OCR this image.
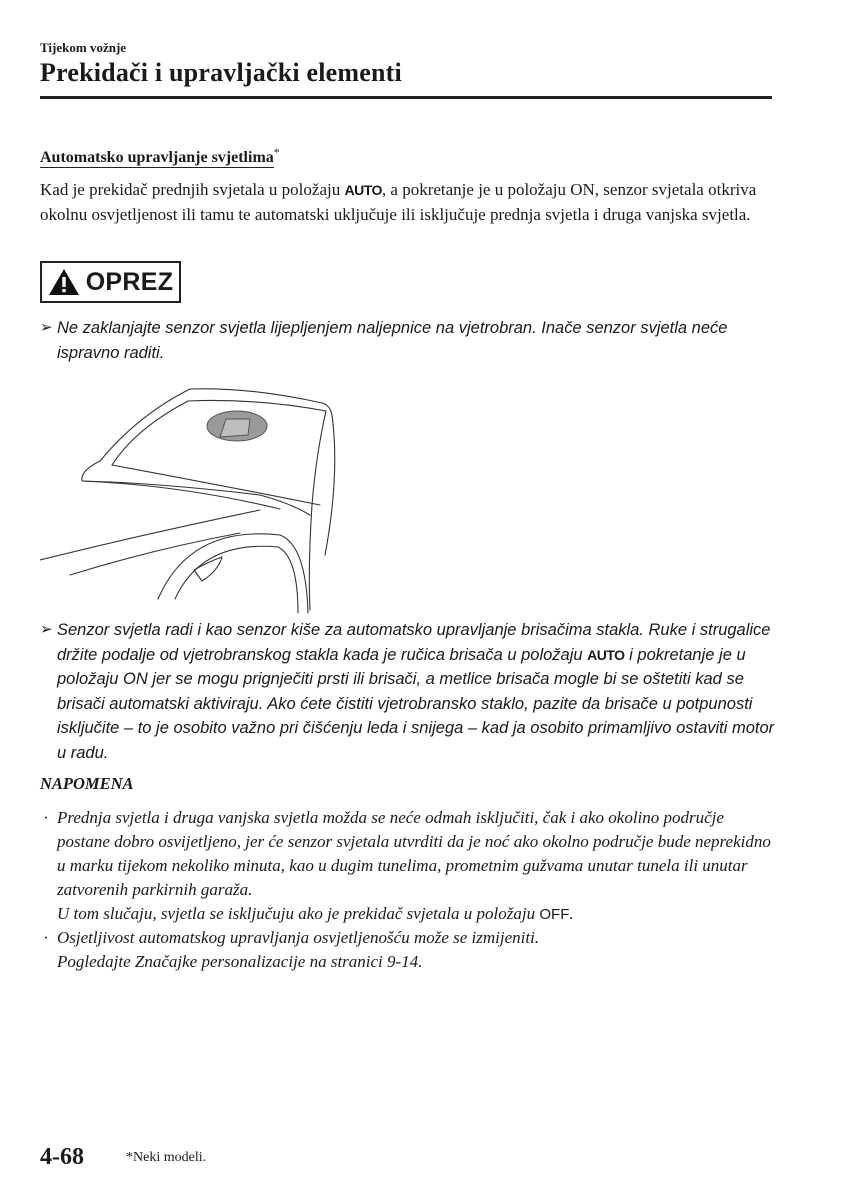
Tijekom vožnje
Prekidači i upravljački elementi
Automatsko upravljanje svjetlima*
Kad je prekidač prednjih svjetala u položaju AUTO, a pokretanje je u položaju ON, senzor svjetala otkriva okolnu osvjetljenost ili tamu te automatski uključuje ili isključuje prednja svjetla i druga vanjska svjetla.
OPREZ
➢ Ne zaklanjajte senzor svjetla lijepljenjem naljepnice na vjetrobran. Inače senzor svjetla neće ispravno raditi.
➢ Senzor svjetla radi i kao senzor kiše za automatsko upravljanje brisačima stakla. Ruke i strugalice držite podalje od vjetrobranskog stakla kada je ručica brisača u položaju AUTO i pokretanje je u položaju ON jer se mogu prignječiti prsti ili brisači, a metlice brisača mogle bi se oštetiti kad se brisači automatski aktiviraju. Ako ćete čistiti vjetrobransko staklo, pazite da brisače u potpunosti isključite – to je osobito važno pri čišćenju leda i snijega – kad ja osobito primamljivo ostaviti motor u radu.
NAPOMENA
· Prednja svjetla i druga vanjska svjetla možda se neće odmah isključiti, čak i ako okolino područje postane dobro osvijetljeno, jer će senzor svjetala utvrditi da je noć ako okolno područje bude neprekidno u marku tijekom nekoliko minuta, kao u dugim tunelima, prometnim gužvama unutar tunela ili unutar zatvorenih parkirnih garaža.
U tom slučaju, svjetla se isključuju ako je prekidač svjetala u položaju OFF.
· Osjetljivost automatskog upravljanja osvjetljenošću može se izmijeniti.
Pogledajte Značajke personalizacije na stranici 9-14.
4-68	*Neki modeli.
